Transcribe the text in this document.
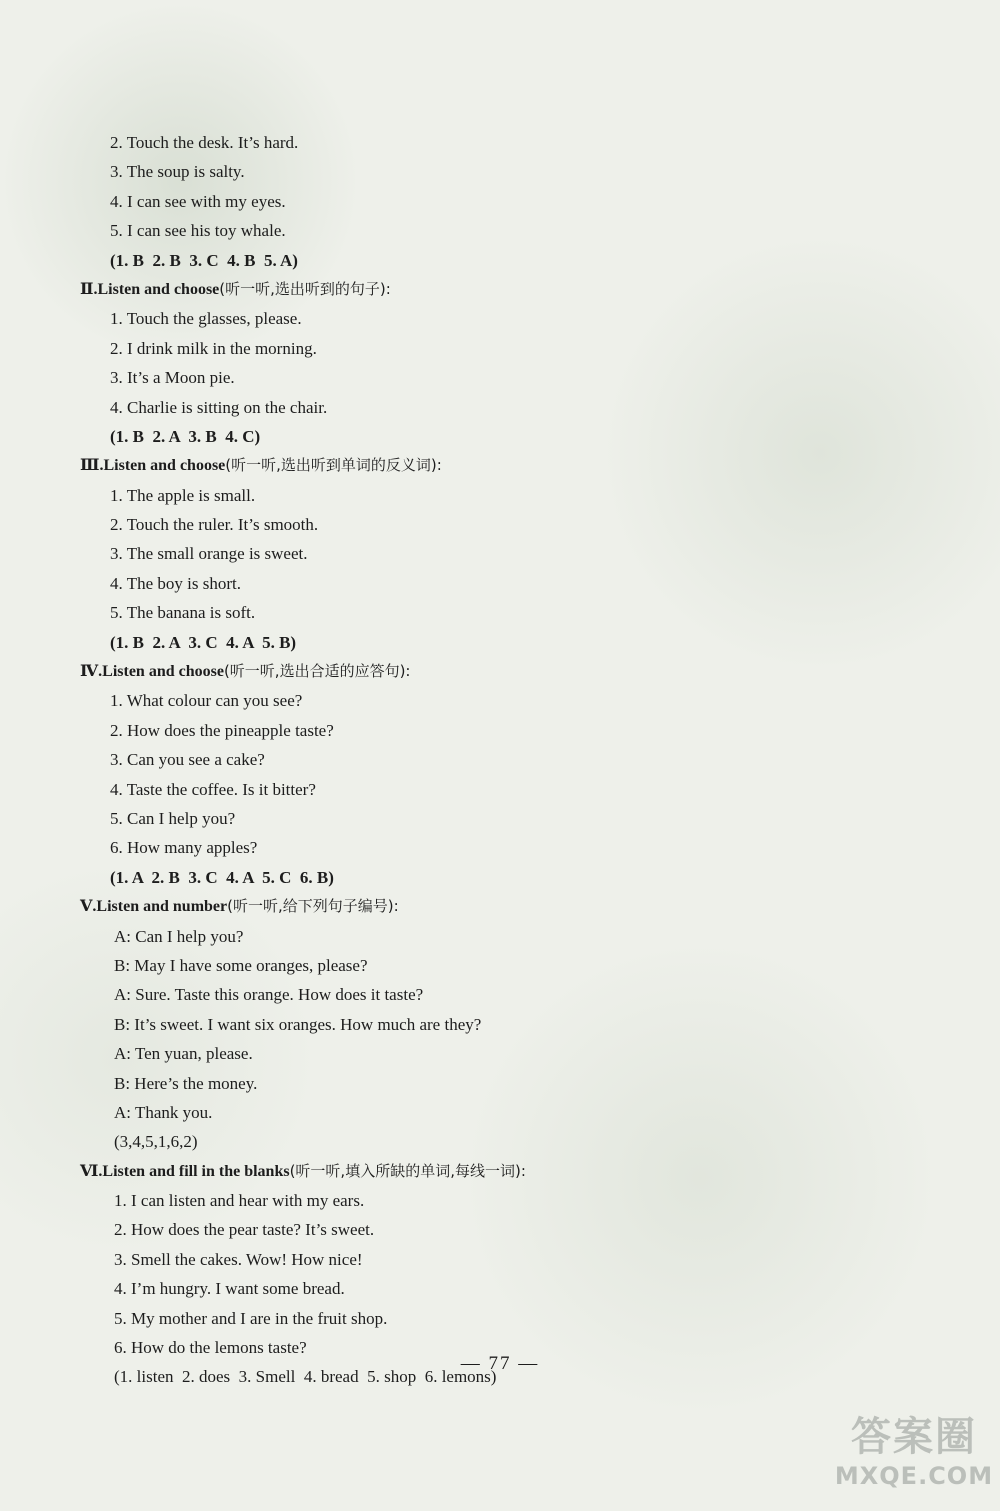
2. Touch the desk. It’s hard.
3. The soup is salty.
4. I can see with my eyes.
5. I can see his toy whale.
(1. B  2. B  3. C  4. B  5. A)
Ⅱ.Listen and choose(听一听,选出听到的句子):
1. Touch the glasses, please.
2. I drink milk in the morning.
3. It’s a Moon pie.
4. Charlie is sitting on the chair.
(1. B  2. A  3. B  4. C)
Ⅲ.Listen and choose(听一听,选出听到单词的反义词):
1. The apple is small.
2. Touch the ruler. It’s smooth.
3. The small orange is sweet.
4. The boy is short.
5. The banana is soft.
(1. B  2. A  3. C  4. A  5. B)
Ⅳ.Listen and choose(听一听,选出合适的应答句):
1. What colour can you see?
2. How does the pineapple taste?
3. Can you see a cake?
4. Taste the coffee. Is it bitter?
5. Can I help you?
6. How many apples?
(1. A  2. B  3. C  4. A  5. C  6. B)
Ⅴ.Listen and number(听一听,给下列句子编号):
A: Can I help you?
B: May I have some oranges, please?
A: Sure. Taste this orange. How does it taste?
B: It’s sweet. I want six oranges. How much are they?
A: Ten yuan, please.
B: Here’s the money.
A: Thank you.
(3,4,5,1,6,2)
Ⅵ.Listen and fill in the blanks(听一听,填入所缺的单词,每线一词):
1. I can listen and hear with my ears.
2. How does the pear taste? It’s sweet.
3. Smell the cakes. Wow! How nice!
4. I’m hungry. I want some bread.
5. My mother and I are in the fruit shop.
6. How do the lemons taste?
(1. listen  2. does  3. Smell  4. bread  5. shop  6. lemons)
— 77 —
答案圈
MXQE.COM
